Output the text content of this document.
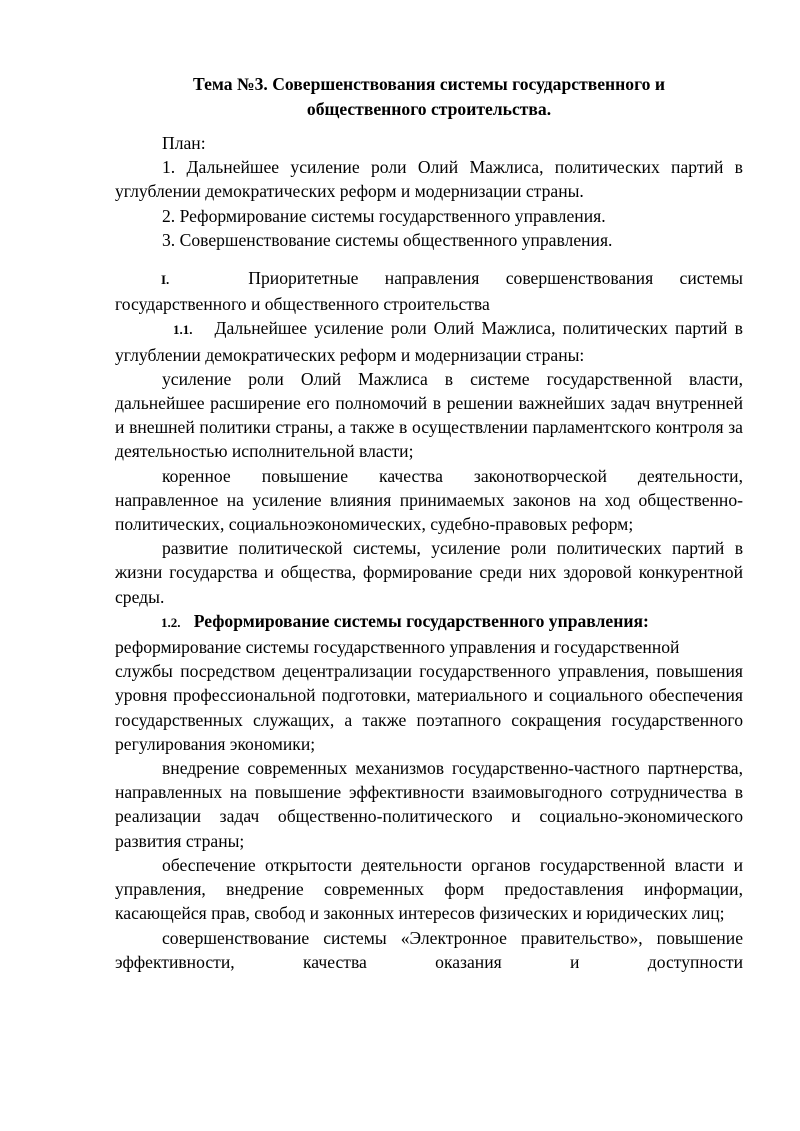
Тема №3. Совершенствования системы государственного и
общественного строительства.

План:

1. Дальнейшее усиление роли Олий Мажлиса, политических партий в углублении демократических реформ и модернизации страны.

2. Реформирование системы государственного управления.

3. Совершенствование системы общественного управления.

I.	Приоритетные направления совершенствования системы государственного и общественного строительства

1.1. Дальнейшее усиление роли Олий Мажлиса, политических партий в углублении демократических реформ и модернизации страны:

усиление роли Олий Мажлиса в системе государственной власти, дальнейшее расширение его полномочий в решении важнейших задач внутренней и внешней политики страны, а также в осуществлении парламентского контроля за деятельностью исполнительной власти;

коренное повышение качества законотворческой деятельности, направленное на усиление влияния принимаемых законов на ход общественно-политических, социальноэкономических, судебно-правовых реформ;

развитие политической системы, усиление роли политических партий в жизни государства и общества, формирование среди них здоровой конкурентной среды.

1.2. Реформирование системы государственного управления:

реформирование системы государственного управления и государственной

службы посредством децентрализации государственного управления, повышения уровня профессиональной подготовки, материального и социального обеспечения государственных служащих, а также поэтапного сокращения государственного регулирования экономики;

внедрение современных механизмов государственно-частного партнерства, направленных на повышение эффективности взаимовыгодного сотрудничества в реализации задач общественно-политического и социально-экономического развития страны;

обеспечение открытости деятельности органов государственной власти и управления, внедрение современных форм предоставления информации, касающейся прав, свобод и законных интересов физических и юридических лиц;

совершенствование системы «Электронное правительство», повышение эффективности, качества оказания и доступности
